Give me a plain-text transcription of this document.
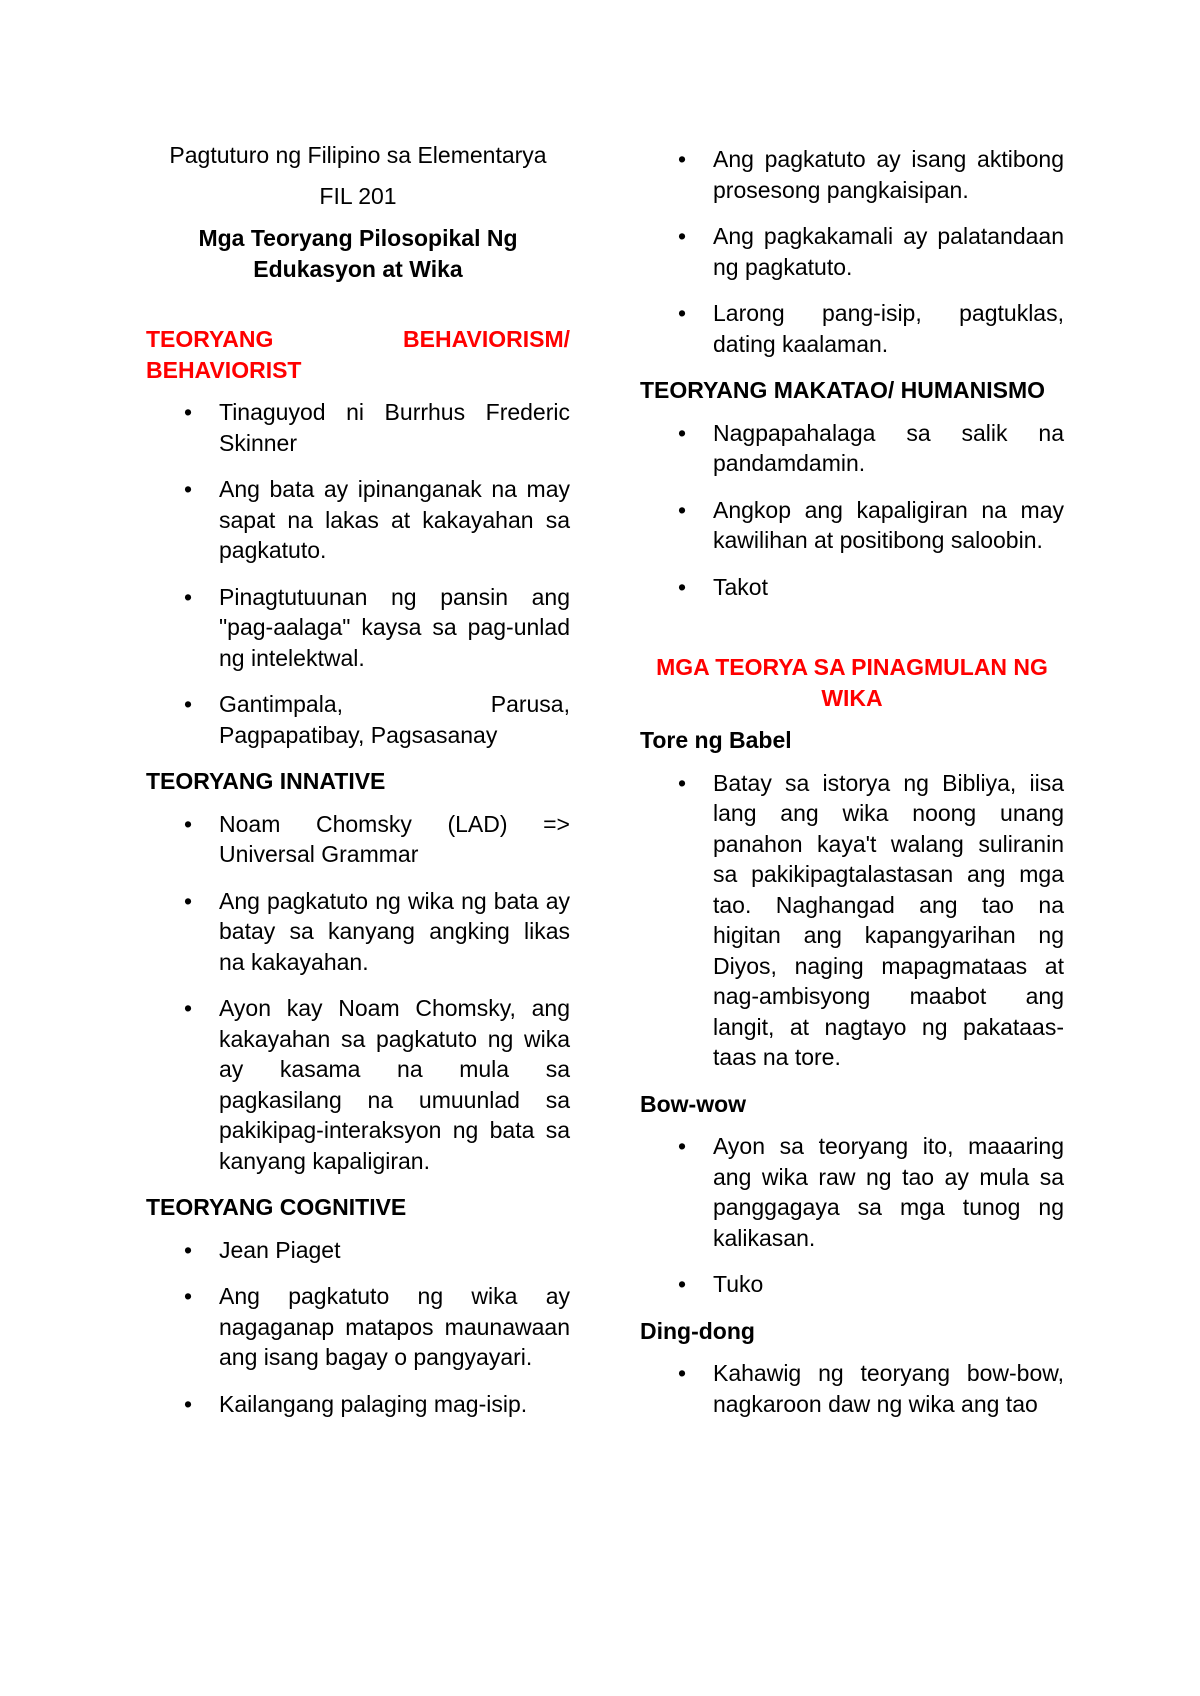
Pagtuturo ng Filipino sa Elementarya

FIL 201

Mga Teoryang Pilosopikal Ng
Edukasyon at Wika
TEORYANG BEHAVIORISM/ BEHAVIORIST
• Tinaguyod ni Burrhus Frederic Skinner
• Ang bata ay ipinanganak na may sapat na lakas at kakayahan sa pagkatuto.
• Pinagtutuunan ng pansin ang "pag-aalaga" kaysa sa pag-unlad ng intelektwal.
• Gantimpala, Parusa, Pagpapatibay, Pagsasanay
TEORYANG INNATIVE
• Noam Chomsky (LAD) => Universal Grammar
• Ang pagkatuto ng wika ng bata ay batay sa kanyang angking likas na kakayahan.
• Ayon kay Noam Chomsky, ang kakayahan sa pagkatuto ng wika ay kasama na mula sa pagkasilang na umuunlad sa pakikipag-interaksyon ng bata sa kanyang kapaligiran.
TEORYANG COGNITIVE
• Jean Piaget
• Ang pagkatuto ng wika ay nagaganap matapos maunawaan ang isang bagay o pangyayari.
• Kailangang palaging mag-isip.
• Ang pagkatuto ay isang aktibong prosesong pangkaisipan.
• Ang pagkakamali ay palatandaan ng pagkatuto.
• Larong pang-isip, pagtuklas, dating kaalaman.
TEORYANG MAKATAO/ HUMANISMO
• Nagpapahalaga sa salik na pandamdamin.
• Angkop ang kapaligiran na may kawilihan at positibong saloobin.
• Takot
MGA TEORYA SA PINAGMULAN NG WIKA
Tore ng Babel
• Batay sa istorya ng Bibliya, iisa lang ang wika noong unang panahon kaya't walang suliranin sa pakikipagtalastasan ang mga tao. Naghangad ang tao na higitan ang kapangyarihan ng Diyos, naging mapagmataas at nag-ambisyong maabot ang langit, at nagtayo ng pakataas-taas na tore.
Bow-wow
• Ayon sa teoryang ito, maaaring ang wika raw ng tao ay mula sa panggagaya sa mga tunog ng kalikasan.
• Tuko
Ding-dong
• Kahawig ng teoryang bow-bow, nagkaroon daw ng wika ang tao
